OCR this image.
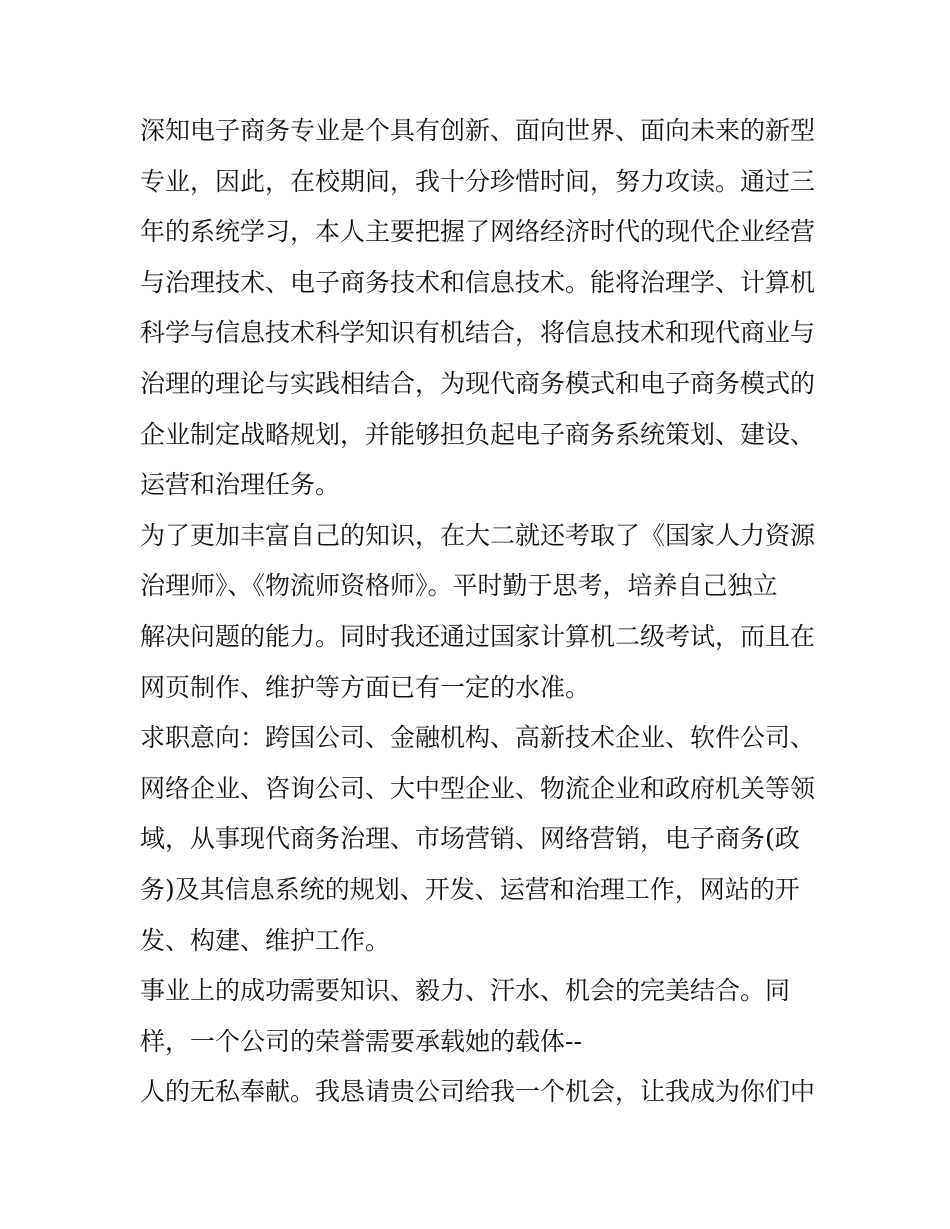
深知电子商务专业是个具有创新、面向世界、面向未来的新型
专业，因此，在校期间，我十分珍惜时间，努力攻读。通过三
年的系统学习，本人主要把握了网络经济时代的现代企业经营
与治理技术、电子商务技术和信息技术。能将治理学、计算机
科学与信息技术科学知识有机结合，将信息技术和现代商业与
治理的理论与实践相结合，为现代商务模式和电子商务模式的
企业制定战略规划，并能够担负起电子商务系统策划、建设、
运营和治理任务。
为了更加丰富自己的知识，在大二就还考取了《国家人力资源
治理师》、《物流师资格师》。平时勤于思考，培养自己独立
解决问题的能力。同时我还通过国家计算机二级考试，而且在
网页制作、维护等方面已有一定的水准。
求职意向：跨国公司、金融机构、高新技术企业、软件公司、
网络企业、咨询公司、大中型企业、物流企业和政府机关等领
域，从事现代商务治理、市场营销、网络营销，电子商务(政
务)及其信息系统的规划、开发、运营和治理工作，网站的开
发、构建、维护工作。
事业上的成功需要知识、毅力、汗水、机会的完美结合。同
样，一个公司的荣誉需要承载她的载体--
人的无私奉献。我恳请贵公司给我一个机会，让我成为你们中
